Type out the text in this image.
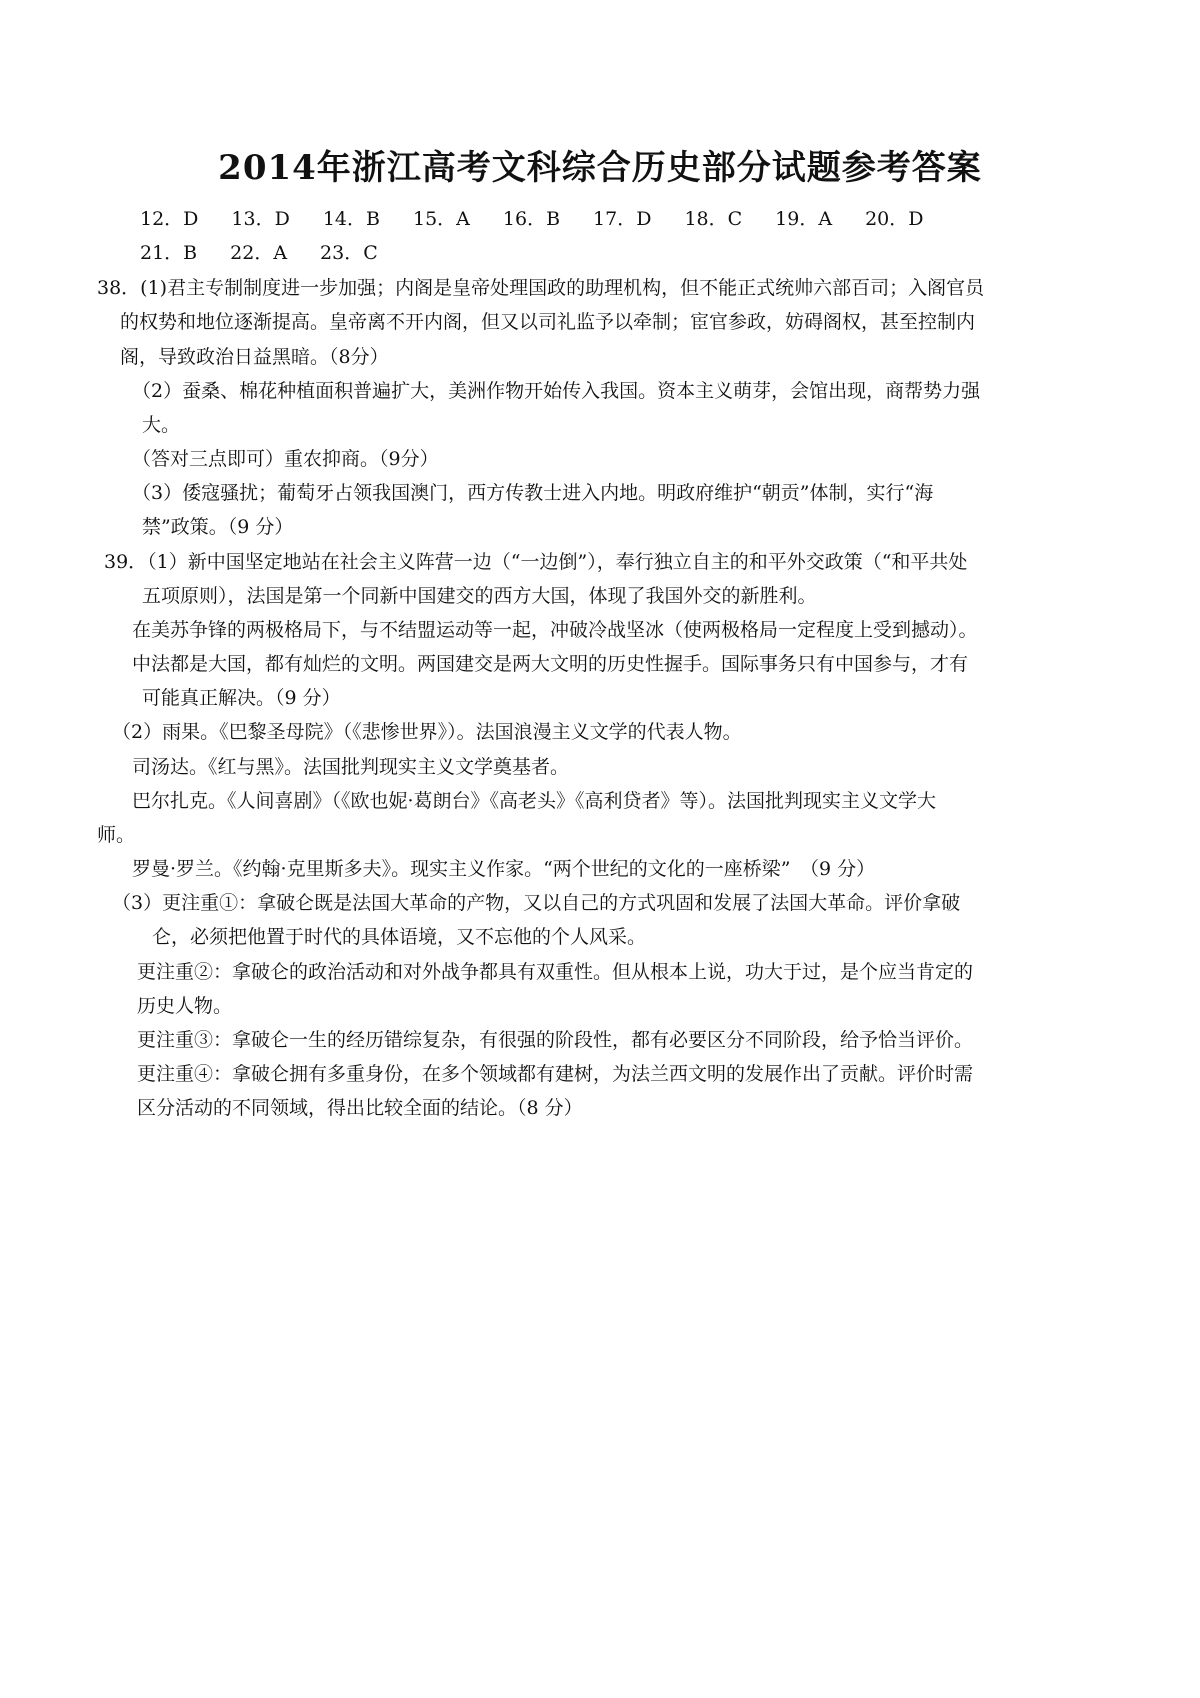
2014年浙江高考文科综合历史部分试题参考答案
12．D 13．D 14．B 15．A 16．B 17．D 18．C 19．A 20．D
21．B 22．A 23．C
38．(1)君主专制制度进一步加强；内阁是皇帝处理国政的助理机构，但不能正式统帅六部百司；入阁官员
的权势和地位逐渐提高。皇帝离不开内阁，但又以司礼监予以牵制；宦官参政，妨碍阁权，甚至控制内
阁，导致政治日益黑暗。（8分）
（2）蚕桑、棉花种植面积普遍扩大，美洲作物开始传入我国。资本主义萌芽，会馆出现，商帮势力强
大。
（答对三点即可）重农抑商。（9分）
（3）倭寇骚扰；葡萄牙占领我国澳门，西方传教士进入内地。明政府维护“朝贡”体制，实行“海
禁”政策。（9 分）
39．（1）新中国坚定地站在社会主义阵营一边（“一边倒”），奉行独立自主的和平外交政策（“和平共处
五项原则），法国是第一个同新中国建交的西方大国，体现了我国外交的新胜利。
在美苏争锋的两极格局下，与不结盟运动等一起，冲破冷战坚冰（使两极格局一定程度上受到撼动）。
中法都是大国，都有灿烂的文明。两国建交是两大文明的历史性握手。国际事务只有中国参与，才有
可能真正解决。（9 分）
（2）雨果。《巴黎圣母院》（《悲惨世界》）。法国浪漫主义文学的代表人物。
司汤达。《红与黑》。法国批判现实主义文学奠基者。
巴尔扎克。《人间喜剧》（《欧也妮·葛朗台》《高老头》《高利贷者》等）。法国批判现实主义文学大
师。
罗曼·罗兰。《约翰·克里斯多夫》。现实主义作家。“两个世纪的文化的一座桥梁”　（9 分）
（3）更注重①：拿破仑既是法国大革命的产物，又以自己的方式巩固和发展了法国大革命。评价拿破
仑，必须把他置于时代的具体语境，又不忘他的个人风采。
更注重②：拿破仑的政治活动和对外战争都具有双重性。但从根本上说，功大于过，是个应当肯定的
历史人物。
更注重③：拿破仑一生的经历错综复杂，有很强的阶段性，都有必要区分不同阶段，给予恰当评价。
更注重④：拿破仑拥有多重身份，在多个领域都有建树，为法兰西文明的发展作出了贡献。评价时需
区分活动的不同领域，得出比较全面的结论。（8 分）
